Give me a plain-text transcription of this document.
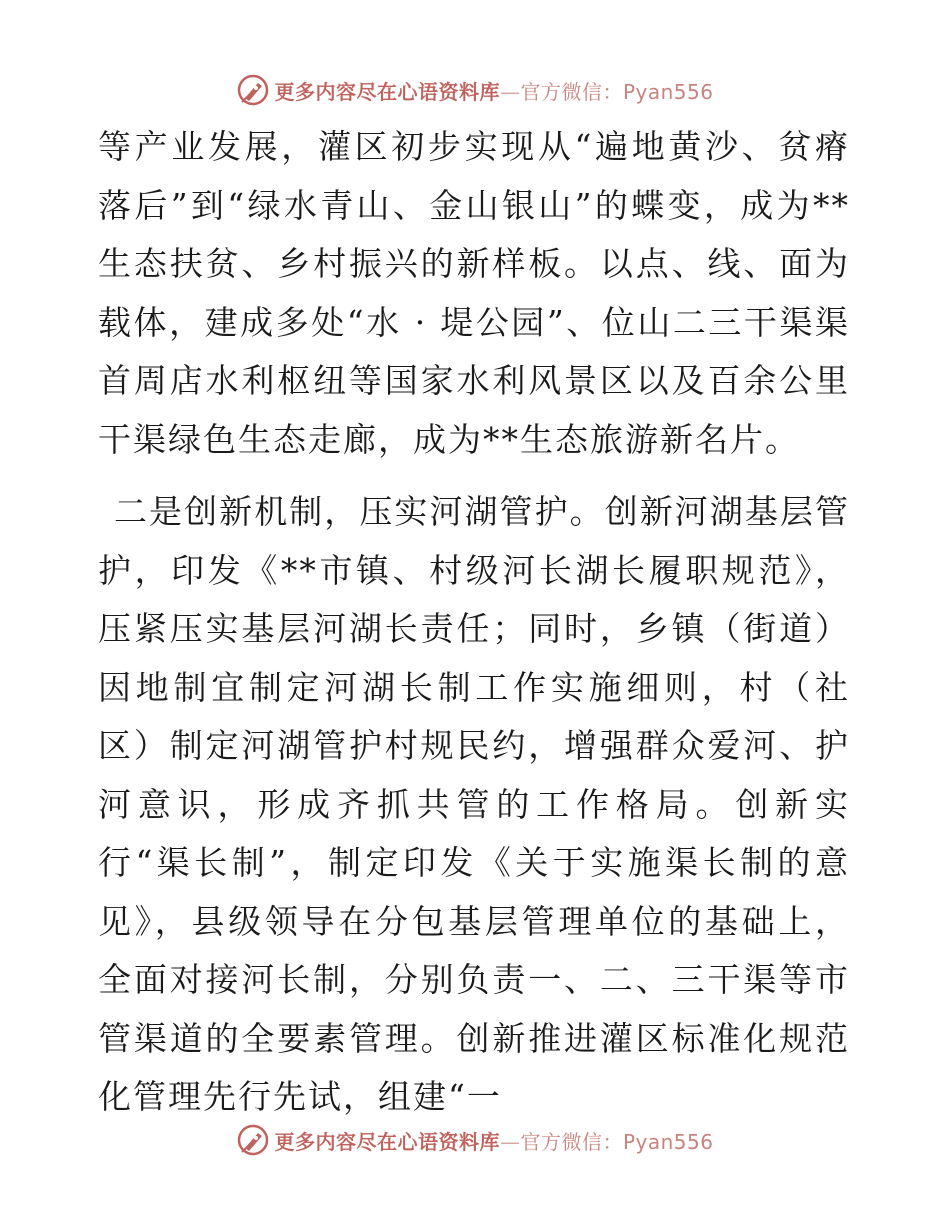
更多内容尽在心语资料库—官方微信：Pyan556

等产业发展，灌区初步实现从“遍地黄沙、贫瘠落后”到“绿水青山、金山银山”的蝶变，成为**生态扶贫、乡村振兴的新样板。以点、线、面为载体，建成多处“水 · 堤公园”、位山二三干渠渠首周店水利枢纽等国家水利风景区以及百余公里干渠绿色生态走廊，成为**生态旅游新名片。

二是创新机制，压实河湖管护。创新河湖基层管护，印发《**市镇、村级河长湖长履职规范》，压紧压实基层河湖长责任；同时，乡镇（街道）因地制宜制定河湖长制工作实施细则，村（社区）制定河湖管护村规民约，增强群众爱河、护河意识，形成齐抓共管的工作格局。创新实行“渠长制”，制定印发《关于实施渠长制的意见》，县级领导在分包基层管理单位的基础上，全面对接河长制，分别负责一、二、三干渠等市管渠道的全要素管理。创新推进灌区标准化规范化管理先行先试，组建“一

更多内容尽在心语资料库—官方微信：Pyan556
